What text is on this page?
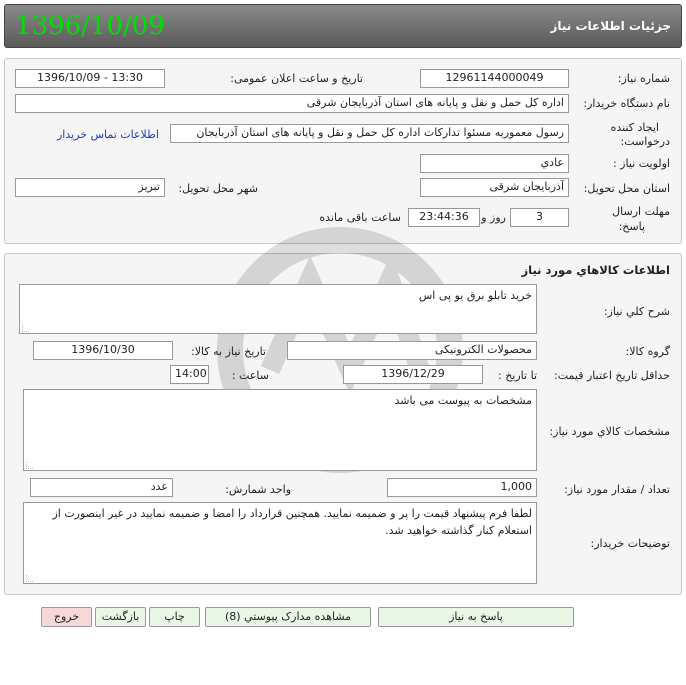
1396/10/09	جزئیات اطلاعات نیاز
شماره نیاز:
1296114400004‌9
تاریخ و ساعت اعلان عمومی:
1396/10/09 - 13:30
نام دستگاه خريدار:
اداره کل حمل و نقل و پایانه های استان آذربایجان شرقی
ايجاد کننده
درخواست:
رسول معموریه مسئوا تدارکات اداره کل حمل و نقل و پایانه های استان آذربایجان
اطلاعات تماس خريدار
اولويت نياز :
عادي
استان محل تحويل:
آذربايجان شرقی
شهر محل تحويل:
تبریز
مهلت ارسال
پاسخ:
3
روز و
23:44:36
ساعت باقی مانده
اطلاعات کالاهاي مورد نياز
شرح کلي نياز:
خرید تابلو برق یو پی اس
گروه کالا:
محصولات الکترونيکی
تاريخ نياز به کالا:
1396/10/30
حداقل تاريخ اعتبار قيمت:
تا تاريخ :
1396/12/29
ساعت :
14:00
مشخصات کالاي مورد نياز:
مشخصات به پیوست می باشد
تعداد / مقدار مورد نياز:
1,000
واحد شمارش:
عدد
توضيحات خريدار:
لطفا فرم پیشنهاد قیمت را پر و ضمیمه نمایید. همچنین قرارداد را امضا و ضمیمه نمایید در غیر اینصورت از استعلام کنار گذاشته خواهید شد.
پاسخ به نياز
مشاهده مدارک پيوستي (8)
چاپ
بازگشت
خروج
